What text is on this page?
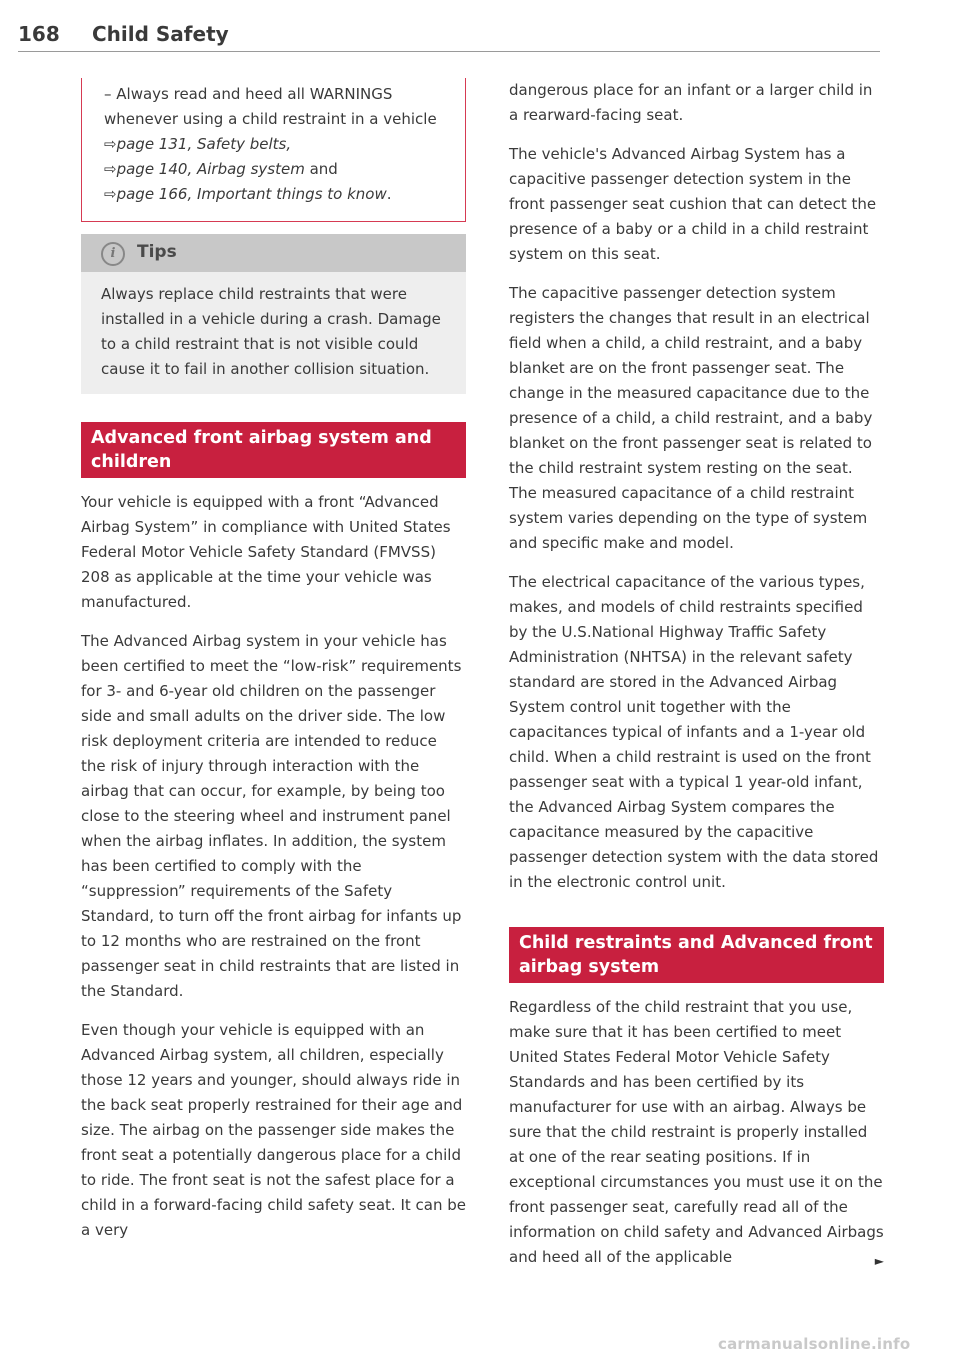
168 Child Safety
– Always read and heed all WARNINGS whenever using a child restraint in a vehicle ⇨page 131, Safety belts,
⇨page 140, Airbag system and
⇨page 166, Important things to know.
i	Tips
Always replace child restraints that were installed in a vehicle during a crash. Damage to a child restraint that is not visible could cause it to fail in another collision situation.
Advanced front airbag system and children

Your vehicle is equipped with a front “Advanced Airbag System” in compliance with United States Federal Motor Vehicle Safety Standard (FMVSS) 208 as applicable at the time your vehicle was manufactured.

The Advanced Airbag system in your vehicle has been certified to meet the “low-risk” requirements for 3- and 6-year old children on the passenger side and small adults on the driver side. The low risk deployment criteria are intended to reduce the risk of injury through interaction with the airbag that can occur, for example, by being too close to the steering wheel and instrument panel when the airbag inflates. In addition, the system has been certified to comply with the “suppression” requirements of the Safety Standard, to turn off the front airbag for infants up to 12 months who are restrained on the front passenger seat in child restraints that are listed in the Standard.

Even though your vehicle is equipped with an Advanced Airbag system, all children, especially those 12 years and younger, should always ride in the back seat properly restrained for their age and size. The airbag on the passenger side makes the front seat a potentially dangerous place for a child to ride. The front seat is not the safest place for a child in a forward-facing child safety seat. It can be a very

dangerous place for an infant or a larger child in a rearward-facing seat.

The vehicle's Advanced Airbag System has a capacitive passenger detection system in the front passenger seat cushion that can detect the presence of a baby or a child in a child restraint system on this seat.

The capacitive passenger detection system registers the changes that result in an electrical field when a child, a child restraint, and a baby blanket are on the front passenger seat. The change in the measured capacitance due to the presence of a child, a child restraint, and a baby blanket on the front passenger seat is related to the child restraint system resting on the seat. The measured capacitance of a child restraint system varies depending on the type of system and specific make and model.

The electrical capacitance of the various types, makes, and models of child restraints specified by the U.S.National Highway Traffic Safety Administration (NHTSA) in the relevant safety standard are stored in the Advanced Airbag System control unit together with the capacitances typical of infants and a 1-year old child. When a child restraint is used on the front passenger seat with a typical 1 year-old infant, the Advanced Airbag System compares the capacitance measured by the capacitive passenger detection system with the data stored in the electronic control unit.

Child restraints and Advanced front airbag system

Regardless of the child restraint that you use, make sure that it has been certified to meet United States Federal Motor Vehicle Safety Standards and has been certified by its manufacturer for use with an airbag. Always be sure that the child restraint is properly installed at one of the rear seating positions. If in exceptional circumstances you must use it on the front passenger seat, carefully read all of the information on child safety and Advanced Airbags and heed all of the applicable	►

carmanualsonline.info
